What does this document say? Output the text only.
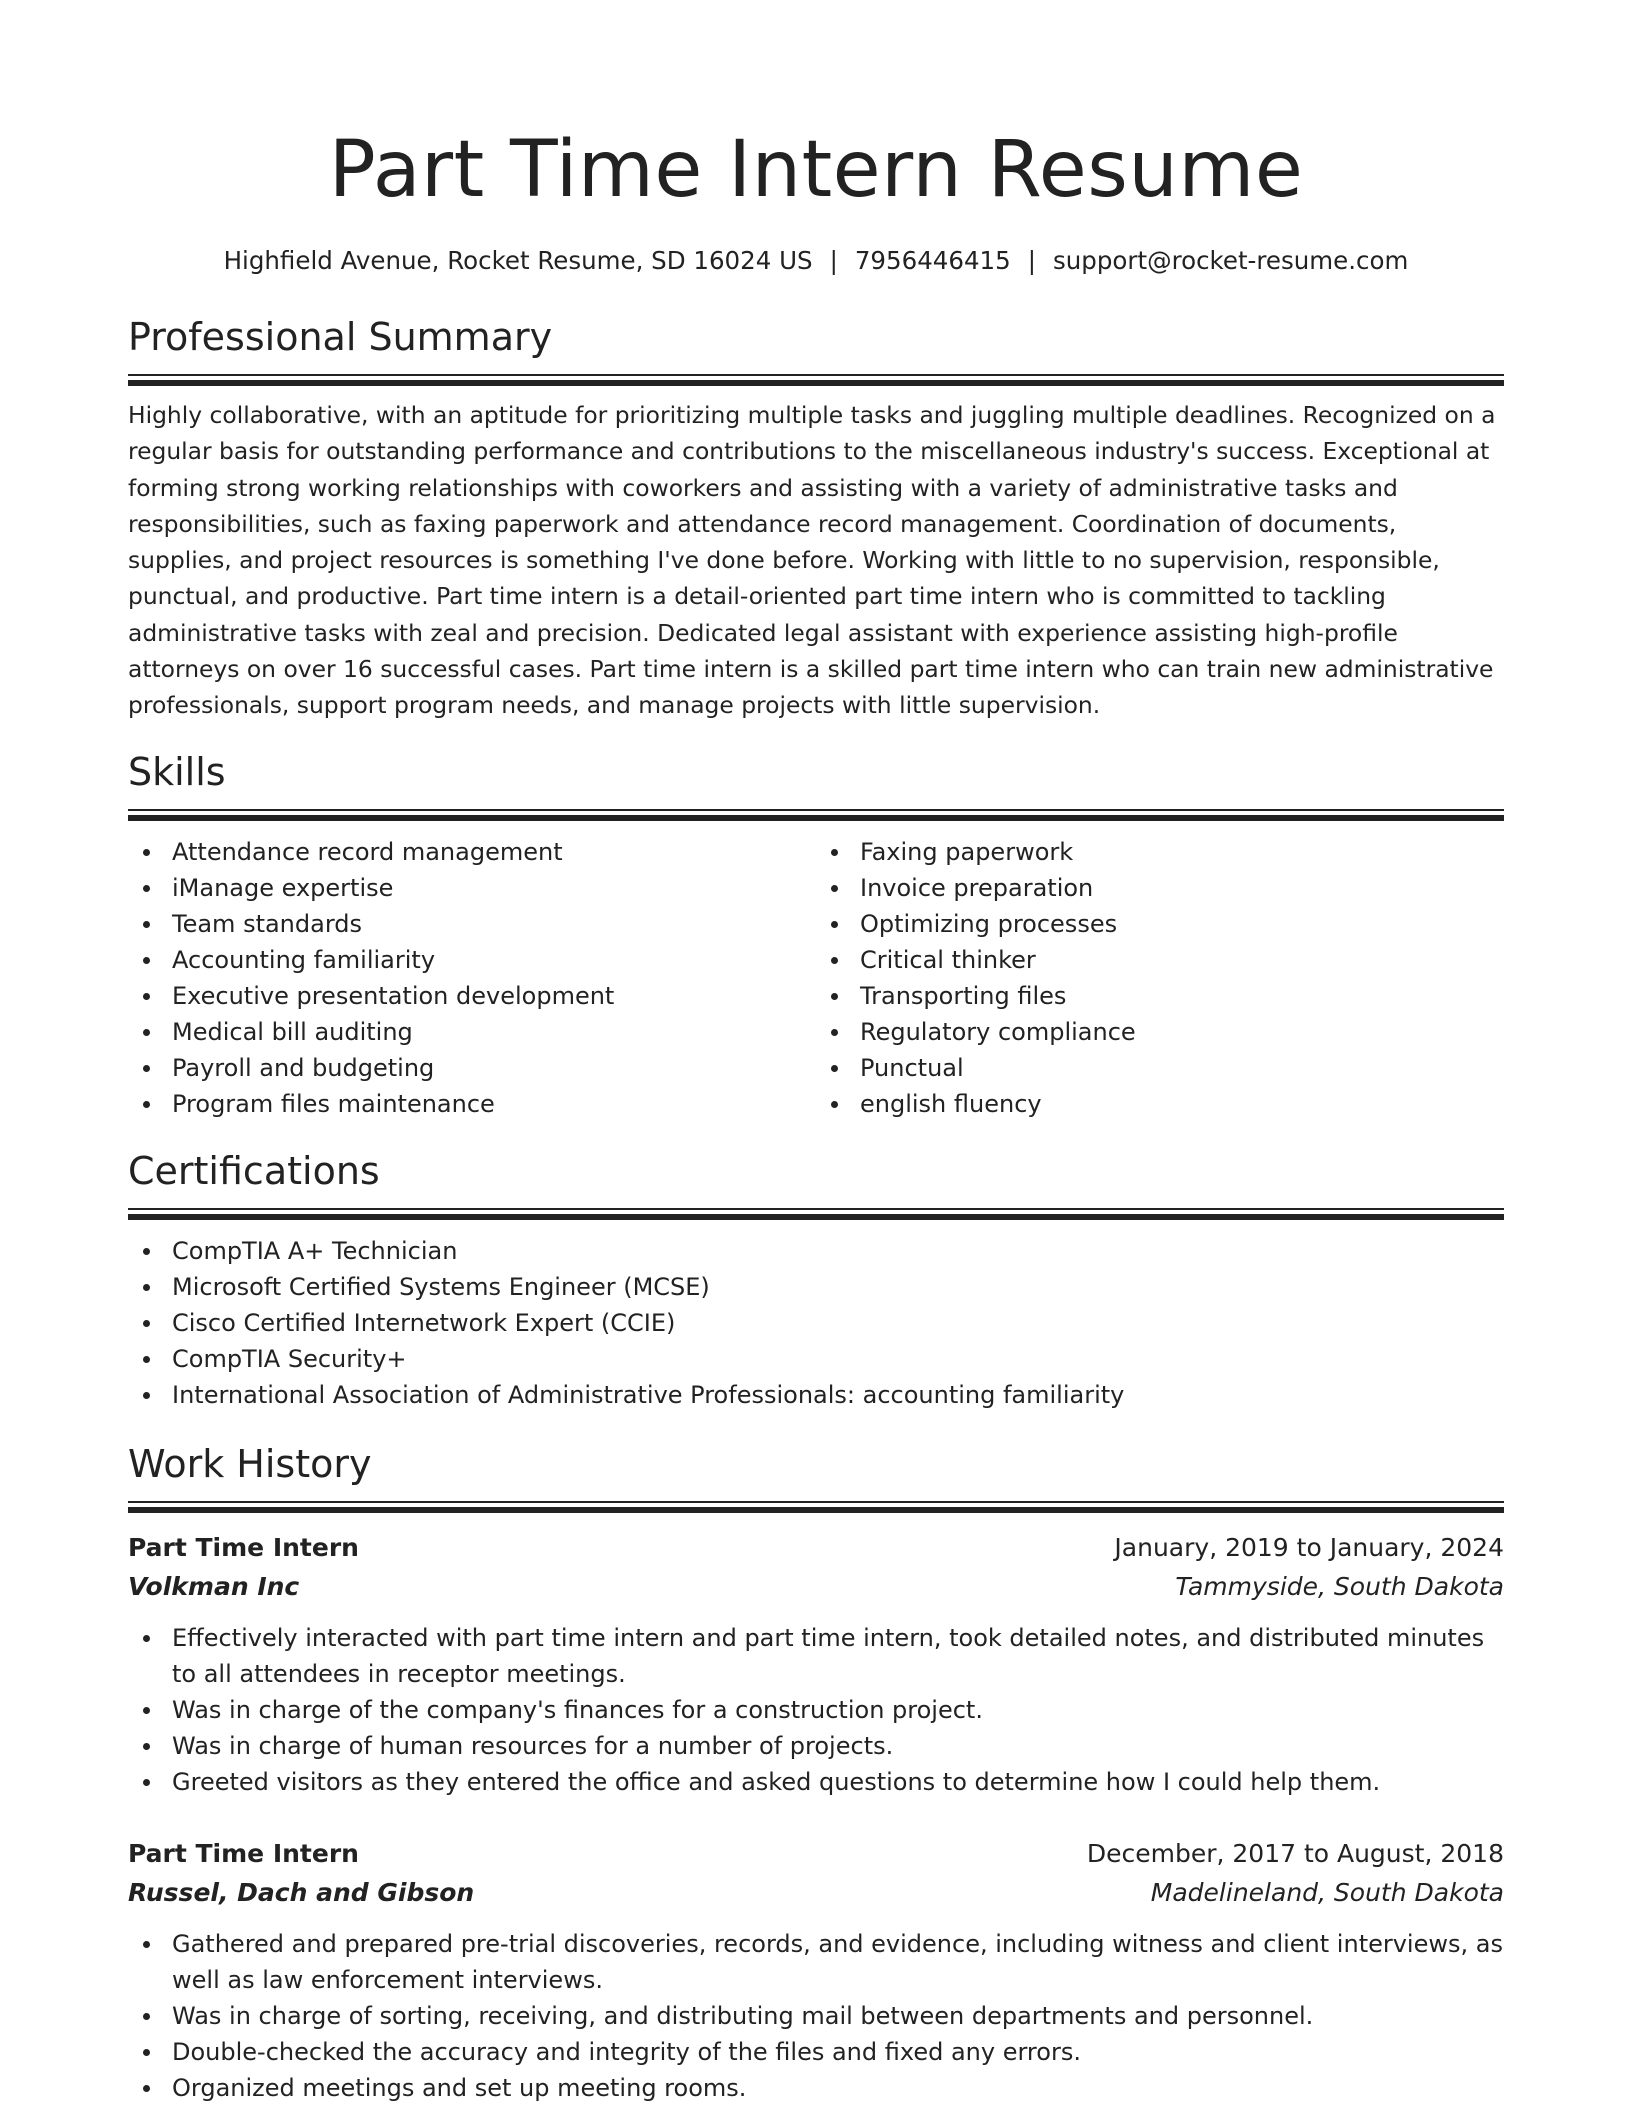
Part Time Intern Resume
Highfield Avenue, Rocket Resume, SD 16024 US | 7956446415 | support@rocket-resume.com
Professional Summary

Highly collaborative, with an aptitude for prioritizing multiple tasks and juggling multiple deadlines. Recognized on a regular basis for outstanding performance and contributions to the miscellaneous industry's success. Exceptional at forming strong working relationships with coworkers and assisting with a variety of administrative tasks and responsibilities, such as faxing paperwork and attendance record management. Coordination of documents, supplies, and project resources is something I've done before. Working with little to no supervision, responsible, punctual, and productive. Part time intern is a detail-oriented part time intern who is committed to tackling administrative tasks with zeal and precision. Dedicated legal assistant with experience assisting high-profile attorneys on over 16 successful cases. Part time intern is a skilled part time intern who can train new administrative professionals, support program needs, and manage projects with little supervision.

Skills
Attendance record management
iManage expertise
Team standards
Accounting familiarity
Executive presentation development
Medical bill auditing
Payroll and budgeting
Program files maintenance
Faxing paperwork
Invoice preparation
Optimizing processes
Critical thinker
Transporting files
Regulatory compliance
Punctual
english fluency
Certifications
CompTIA A+ Technician
Microsoft Certified Systems Engineer (MCSE)
Cisco Certified Internetwork Expert (CCIE)
CompTIA Security+
International Association of Administrative Professionals: accounting familiarity
Work History
Part Time Intern	January, 2019 to January, 2024
Volkman Inc	Tammyside, South Dakota
Effectively interacted with part time intern and part time intern, took detailed notes, and distributed minutes to all attendees in receptor meetings.
Was in charge of the company's finances for a construction project.
Was in charge of human resources for a number of projects.
Greeted visitors as they entered the office and asked questions to determine how I could help them.
Part Time Intern	December, 2017 to August, 2018
Russel, Dach and Gibson	Madelineland, South Dakota
Gathered and prepared pre-trial discoveries, records, and evidence, including witness and client interviews, as well as law enforcement interviews.
Was in charge of sorting, receiving, and distributing mail between departments and personnel.
Double-checked the accuracy and integrity of the files and fixed any errors.
Organized meetings and set up meeting rooms.
